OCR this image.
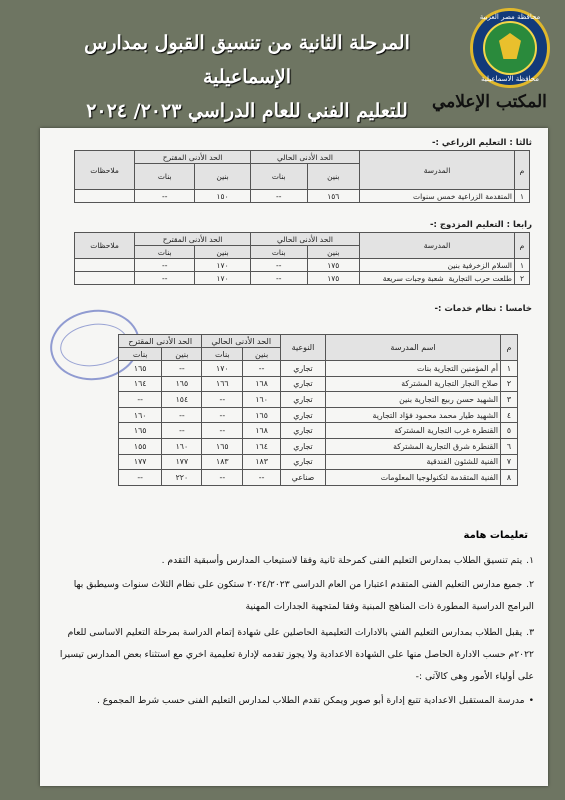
محافظة مصر العربية
محافظة الاسماعيلية
المرحلة الثانية من تنسيق القبول بمدارس الإسماعيلية
للتعليم الفني للعام الدراسي ٢٠٢٣/ ٢٠٢٤	المكتب الإعلامي
ثالثا : التعليم الزراعي :-
م	المدرسة	الحد الأدنى الحالي		الحد الأدنى المقترح		ملاحظات
		بنين	بنات	بنين	بنات	
١	المتقدمة الزراعية خمس سنوات	١٥٦	--	١٥٠	--	
رابعا : التعليم المزدوج :-
م	المدرسة	الحد الأدنى الحالي		الحد الأدنى المقترح		ملاحظات
		بنين	بنات	بنين	بنات	
١	السلام الزخرفية بنين	١٧٥	--	١٧٠	--	
٢	طلعت حرب التجارية  شعبة وجبات سريعة	١٧٥	--	١٧٠	--	
خامسا : نظام خدمات :-
م	اسم المدرسة	النوعية	الحد الأدنى الحالي		الحد الأدنى المقترح	
			بنين	بنات	بنين	بنات
١	أم المؤمنين التجارية بنات	تجاري	--	١٧٠	--	١٦٥
٢	صلاح النجار التجارية المشتركة	تجاري	١٦٨	١٦٦	١٦٥	١٦٤
٣	الشهيد حسن ربيع التجارية بنين	تجاري	١٦٠	--	١٥٤	--
٤	الشهيد طيار محمد محمود فؤاد التجارية	تجاري	١٦٥	--	--	١٦٠
٥	القنطرة غرب التجارية المشتركة	تجاري	١٦٨	--	--	١٦٥
٦	القنطرة شرق التجارية المشتركة	تجاري	١٦٤	١٦٥	١٦٠	١٥٥
٧	الفنية للشئون الفندقية	تجاري	١٨٣	١٨٣	١٧٧	١٧٧
٨	الفنية المتقدمة لتكنولوجيا المعلومات	صناعي	--	--	٢٢٠	--
تعليمات هامة
١.يتم تنسيق الطلاب بمدارس التعليم الفنى كمرحلة ثانية وفقا لاستيعاب المدارس وأسبقية التقدم .
٢.جميع مدارس التعليم الفنى المتقدم اعتبارا من العام الدراسى ٢٠٢٤/٢٠٢٣ ستكون على نظام الثلاث سنوات وسيطبق بها البرامج الدراسية المطورة ذات المناهج المبنية وفقا لمتجهية الجدارات المهنية
٣.يقبل الطلاب بمدارس التعليم الفني بالادارات التعليمية الحاصلين على شهادة إتمام الدراسة بمرحلة التعليم الاساسى للعام ٢٠٢٢م حسب الادارة الحاصل منها على الشهادة الاعدادية ولا يجوز تقدمه لإدارة تعليمية اخري مع استثناء بعض المدارس تيسيرا على أولياء الأمور وهى كالآتى :-
•مدرسة المستقبل الاعدادية تتبع إدارة أبو صوير ويمكن تقدم الطلاب لمدارس التعليم الفنى حسب شرط المجموع .
